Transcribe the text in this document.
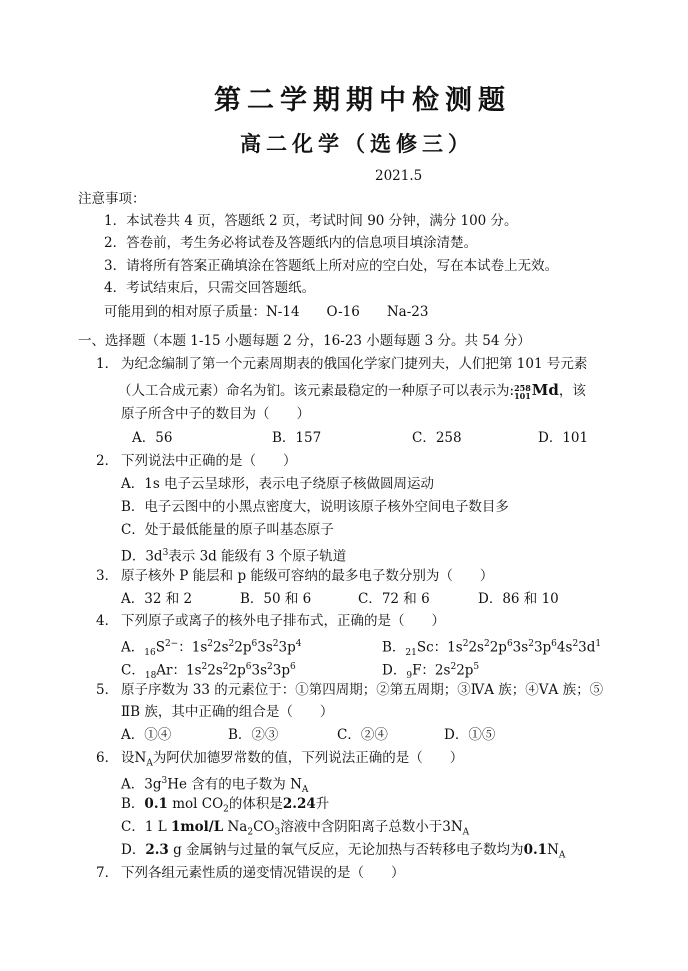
第二学期期中检测题
高二化学（选修三）
2021.5
注意事项：
1．本试卷共 4 页，答题纸 2 页，考试时间 90 分钟，满分 100 分。
2．答卷前，考生务必将试卷及答题纸内的信息项目填涂清楚。
3．请将所有答案正确填涂在答题纸上所对应的空白处，写在本试卷上无效。
4．考试结束后，只需交回答题纸。
可能用到的相对原子质量：N-14　　O-16　　Na-23
一、选择题（本题 1-15 小题每题 2 分，16-23 小题每题 3 分。共 54 分）
1． 为纪念编制了第一个元素周期表的俄国化学家门捷列夫，人们把第 101 号元素
（人工合成元素）命名为钔。该元素最稳定的一种原子可以表示为: 258
101 Md，该
原子所含中子的数目为（　　）
A．56	B．157	C．258	D．101
2． 下列说法中正确的是（　　）
A．1s 电子云呈球形，表示电子绕原子核做圆周运动
B．电子云图中的小黑点密度大，说明该原子核外空间电子数目多
C．处于最低能量的原子叫基态原子
D．$3d^3$表示 3d 能级有 3 个原子轨道
3． 原子核外 P 能层和 p 能级可容纳的最多电子数分别为（　　）
A．32 和 2	B．50 和 6	C．72 和 6	D．86 和 10
4． 下列原子或离子的核外电子排布式，正确的是（　　）
A．$_{16}S^{2-}$：$1s^22s^22p^63s^23p^4$	B．$_{21}$Sc：$1s^22s^22p^63s^23p^64s^23d^1$
C．$_{18}$Ar：$1s^22s^22p^63s^23p^6$	D．$_9$F：$2s^22p^5$
5． 原子序数为 33 的元素位于：①第四周期；②第五周期；③ⅣA 族；④ⅤA 族；⑤
ⅡB 族，其中正确的组合是（　　）
A．①④	B．②③	C．②④	D．①⑤
6． 设$N_A$为阿伏加德罗常数的值，下列说法正确的是（　　）
A．$3g^3He$ 含有的电子数为 $N_A$
B．0.1 mol $CO_2$的体积是2.24升
C．1 L 1mol/L $Na_2CO_3$溶液中含阴阳离子总数小于$3N_A$
D．2.3 g 金属钠与过量的氧气反应，无论加热与否转移电子数均为$0.1N_A$
7． 下列各组元素性质的递变情况错误的是（　　）
